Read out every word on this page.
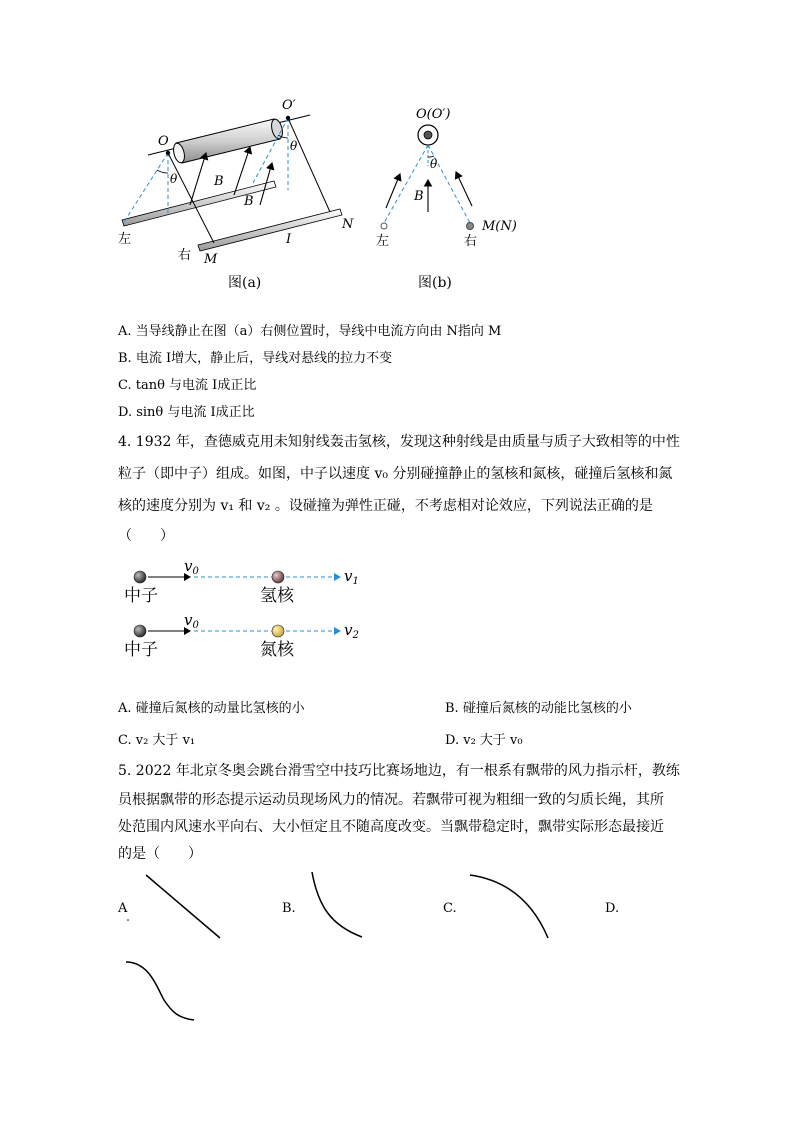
O
O′
θ
θ
B
B
I
N
M
左
右
图(a)
O(O′)
θ
B
左	右
M(N)
图(b)
A. 当导线静止在图（a）右侧位置时，导线中电流方向由 N指向 M
B. 电流 I增大，静止后，导线对悬线的拉力不变
C. tanθ 与电流 I成正比
D. sinθ 与电流 I成正比
4. 1932 年，查德威克用未知射线轰击氢核，发现这种射线是由质量与质子大致相等的中性
粒子（即中子）组成。如图，中子以速度 v₀ 分别碰撞静止的氢核和氮核，碰撞后氢核和氮
核的速度分别为 v₁ 和 v₂ 。设碰撞为弹性正碰，不考虑相对论效应，下列说法正确的是
（　　）
$v_0$	$v_1$
中子	氢核
$v_0$	$v_2$
中子	氮核
A. 碰撞后氮核的动量比氢核的小	B. 碰撞后氮核的动能比氢核的小
C. v₂ 大于 v₁	D. v₂ 大于 v₀
5. 2022 年北京冬奥会跳台滑雪空中技巧比赛场地边，有一根系有飘带的风力指示杆，教练
员根据飘带的形态提示运动员现场风力的情况。若飘带可视为粗细一致的匀质长绳，其所
处范围内风速水平向右、大小恒定且不随高度改变。当飘带稳定时，飘带实际形态最接近
的是（　　）
A	B.	C.	D.
